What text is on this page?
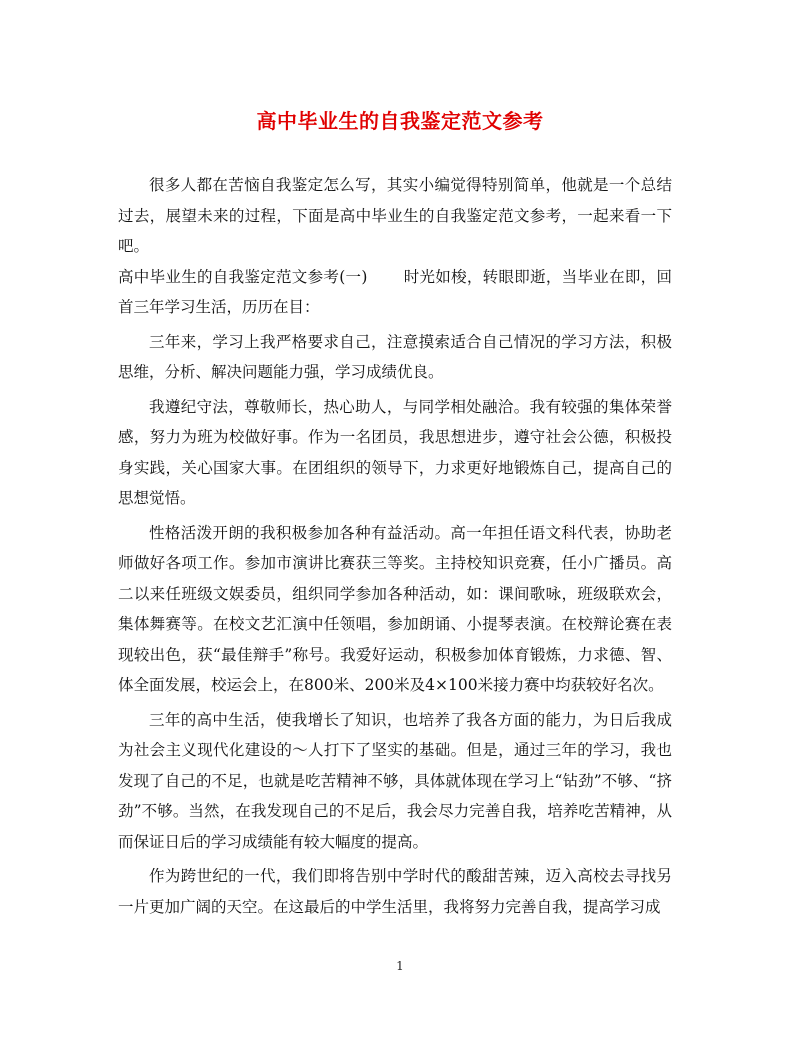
高中毕业生的自我鉴定范文参考

很多人都在苦恼自我鉴定怎么写，其实小编觉得特别简单，他就是一个总结过去，展望未来的过程，下面是高中毕业生的自我鉴定范文参考，一起来看一下吧。

高中毕业生的自我鉴定范文参考(一) 时光如梭，转眼即逝，当毕业在即，回首三年学习生活，历历在目：

三年来，学习上我严格要求自己，注意摸索适合自己情况的学习方法，积极思维，分析、解决问题能力强，学习成绩优良。

我遵纪守法，尊敬师长，热心助人，与同学相处融洽。我有较强的集体荣誉感，努力为班为校做好事。作为一名团员，我思想进步，遵守社会公德，积极投身实践，关心国家大事。在团组织的领导下，力求更好地锻炼自己，提高自己的思想觉悟。

性格活泼开朗的我积极参加各种有益活动。高一年担任语文科代表，协助老师做好各项工作。参加市演讲比赛获三等奖。主持校知识竞赛，任小广播员。高二以来任班级文娱委员，组织同学参加各种活动，如：课间歌咏，班级联欢会，集体舞赛等。在校文艺汇演中任领唱，参加朗诵、小提琴表演。在校辩论赛在表现较出色，获“最佳辩手”称号。我爱好运动，积极参加体育锻炼，力求德、智、体全面发展，校运会上，在800米、200米及4×100米接力赛中均获较好名次。

三年的高中生活，使我增长了知识，也培养了我各方面的能力，为日后我成为社会主义现代化建设的～人打下了坚实的基础。但是，通过三年的学习，我也发现了自己的不足，也就是吃苦精神不够，具体就体现在学习上“钻劲”不够、“挤劲”不够。当然，在我发现自己的不足后，我会尽力完善自我，培养吃苦精神，从而保证日后的学习成绩能有较大幅度的提高。

作为跨世纪的一代，我们即将告别中学时代的酸甜苦辣，迈入高校去寻找另一片更加广阔的天空。在这最后的中学生活里，我将努力完善自我，提高学习成

1
